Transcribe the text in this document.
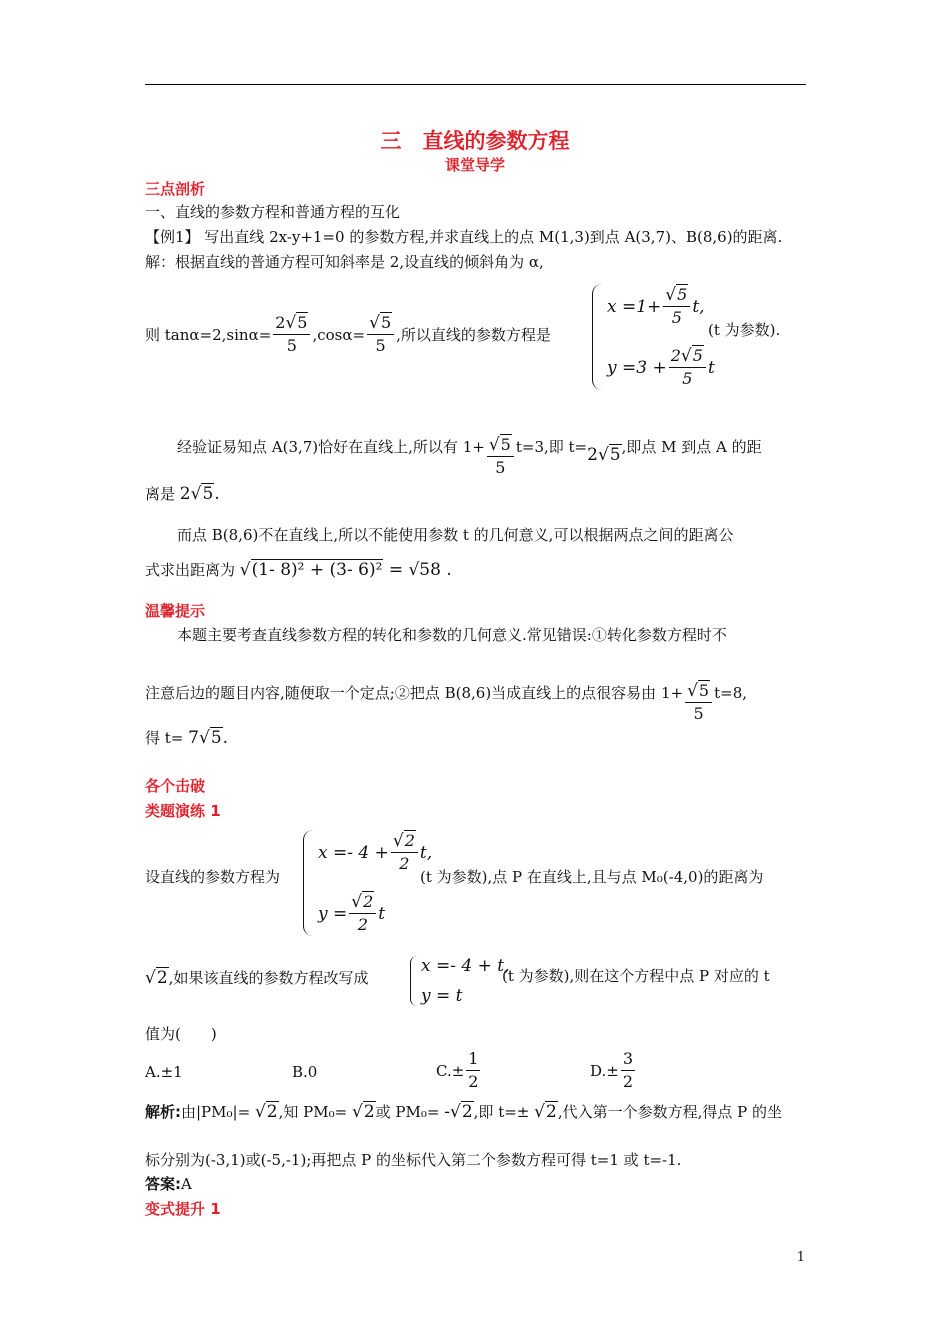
三　直线的参数方程
课堂导学
三点剖析
一、直线的参数方程和普通方程的互化
【例1】 写出直线 2x-y+1=0 的参数方程,并求直线上的点 M(1,3)到点 A(3,7)、B(8,6)的距离.
解：根据直线的普通方程可知斜率是 2,设直线的倾斜角为 α,
则 $\tan\alpha=2,\sin\alpha= \frac{2√5}{5} ,\cos\alpha= \frac{√5}{5}$ ,所以直线的参数方程是
$x =1+ \frac{√5}{5} t$,
$y =3 + \frac{2√5}{5}$ t
(t 为参数).
经验证易知点 A(3,7)恰好在直线上,所以有 $1+ \frac{√5}{5} t=3$,即 t= 2√5 ,即点 M 到点 A 的距
离是 2√5.
而点 B(8,6)不在直线上,所以不能使用参数 t 的几何意义,可以根据两点之间的距离公
式求出距离为 √(1- 8)² + (3- 6)² = √58 .
温馨提示
本题主要考查直线参数方程的转化和参数的几何意义.常见错误:①转化参数方程时不
注意后边的题目内容,随便取一个定点;②把点 B(8,6)当成直线上的点很容易由 $1+ \frac{√5}{5} t=8$,
得 t= 7√5.
各个击破
类题演练 1
设直线的参数方程为
$x =- 4 + \frac{√2}{2} t$,
$y = \frac{√2}{2}$ t
(t 为参数),点 P 在直线上,且与点 M₀(-4,0)的距离为
√2,如果该直线的参数方程改写成
x =- 4 + t,
y = t
(t 为参数),则在这个方程中点 P 对应的 t
值为(　　)
A.±1	B.0	$C.\pm \frac{1}{2}$	$D.\pm \frac{3}{2}$
解析:由|PM₀|= √2,知 PM₀= √2或 PM₀= -√2,即 t=± √2,代入第一个参数方程,得点 P 的坐
标分别为(-3,1)或(-5,-1);再把点 P 的坐标代入第二个参数方程可得 t=1 或 t=-1.
答案:A
变式提升 1
1
